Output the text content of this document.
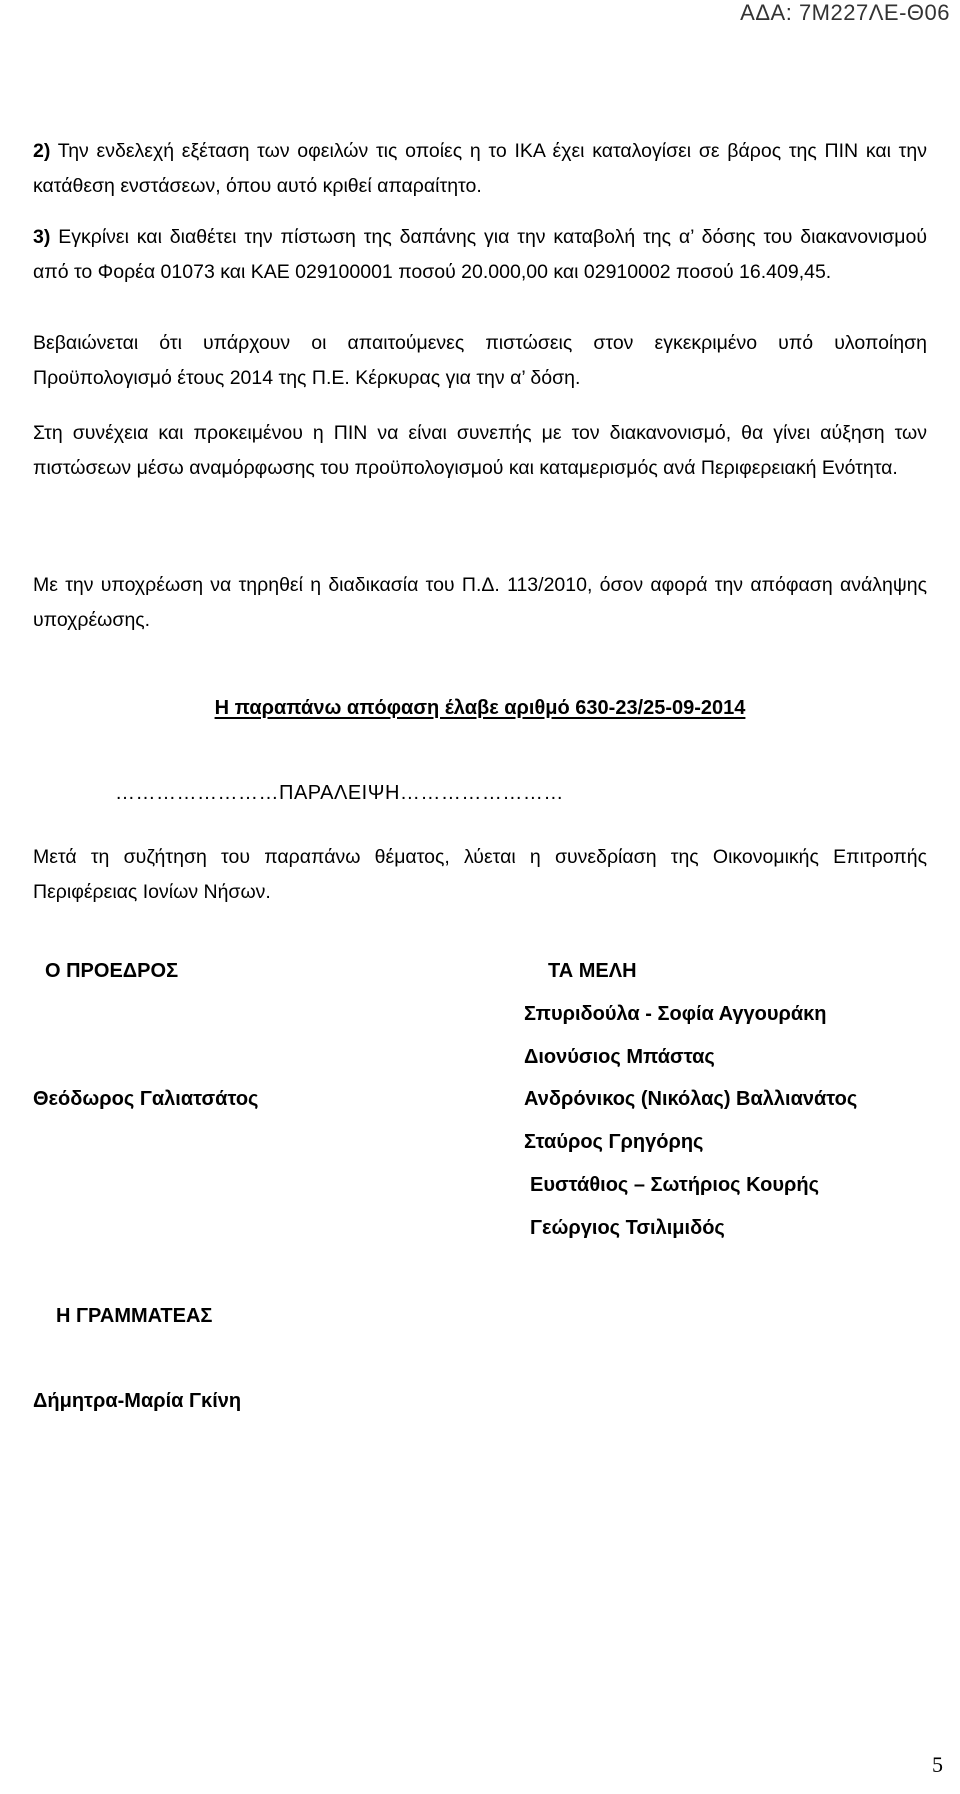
ΑΔΑ: 7Μ227ΛΕ-Θ06
2) Την ενδελεχή εξέταση των οφειλών τις οποίες η το ΙΚΑ έχει καταλογίσει σε βάρος της ΠΙΝ και την κατάθεση ενστάσεων, όπου αυτό κριθεί απαραίτητο.
3) Εγκρίνει και διαθέτει την πίστωση της δαπάνης για την καταβολή της α’ δόσης του διακανονισμού από το Φορέα 01073 και ΚΑΕ 029100001 ποσού 20.000,00 και 02910002 ποσού 16.409,45.
Βεβαιώνεται ότι υπάρχουν οι απαιτούμενες πιστώσεις στον εγκεκριμένο υπό υλοποίηση Προϋπολογισμό έτους 2014 της Π.Ε. Κέρκυρας για την α’ δόση.
Στη συνέχεια και προκειμένου η ΠΙΝ να είναι συνεπής με τον διακανονισμό, θα γίνει αύξηση των πιστώσεων μέσω αναμόρφωσης του προϋπολογισμού και καταμερισμός ανά Περιφερειακή Ενότητα.
Με την υποχρέωση να τηρηθεί η διαδικασία του Π.Δ. 113/2010, όσον αφορά την απόφαση ανάληψης υποχρέωσης.
Η παραπάνω απόφαση έλαβε αριθμό 630-23/25-09-2014
……………………ΠΑΡΑΛΕΙΨΗ……………………
Μετά τη συζήτηση του παραπάνω θέματος, λύεται η συνεδρίαση της Οικονομικής Επιτροπής Περιφέρειας Ιονίων Νήσων.
Ο ΠΡΟΕΔΡΟΣ
Θεόδωρος Γαλιατσάτος
ΤΑ ΜΕΛΗ
Σπυριδούλα - Σοφία Αγγουράκη
Διονύσιος Μπάστας
Ανδρόνικος (Νικόλας) Βαλλιανάτος
Σταύρος Γρηγόρης
Ευστάθιος – Σωτήριος Κουρής
Γεώργιος Τσιλιμιδός
Η ΓΡΑΜΜΑΤΕΑΣ
Δήμητρα-Μαρία Γκίνη
5
